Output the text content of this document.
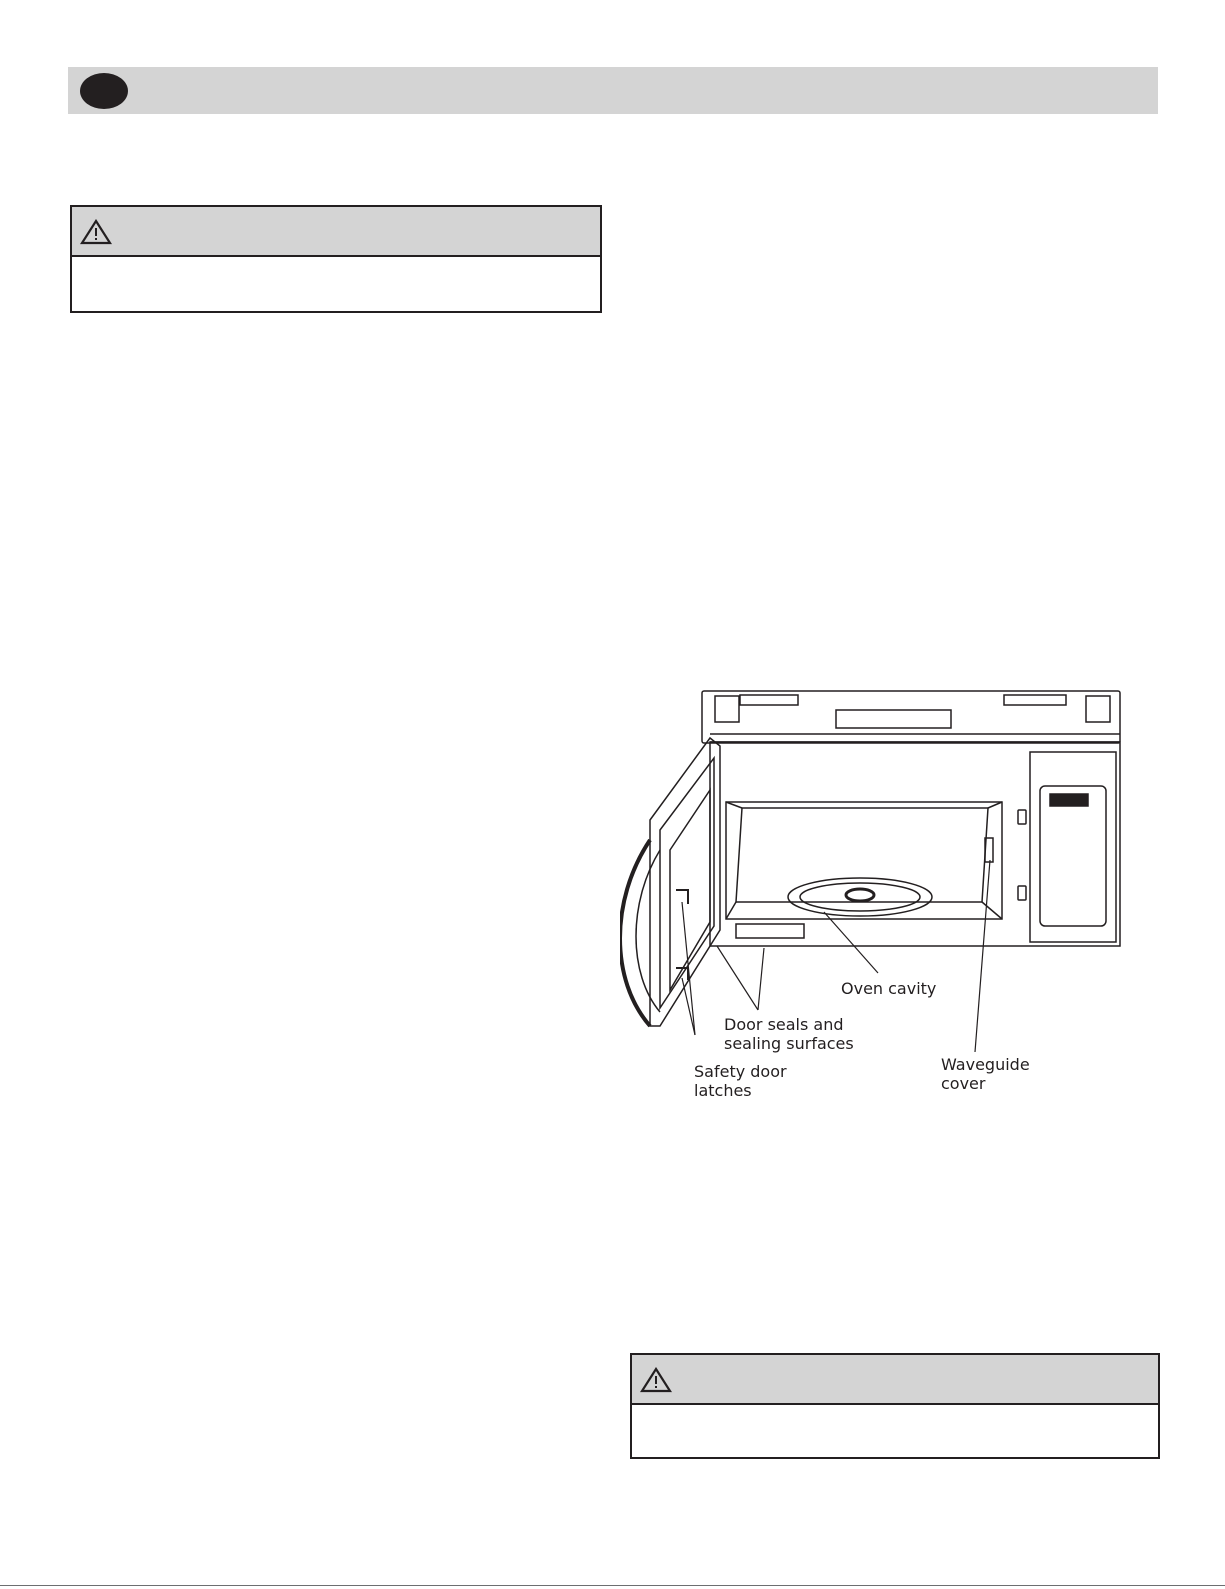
Oven cavity
Door seals and
sealing surfaces
Safety door
latches
Waveguide
cover
